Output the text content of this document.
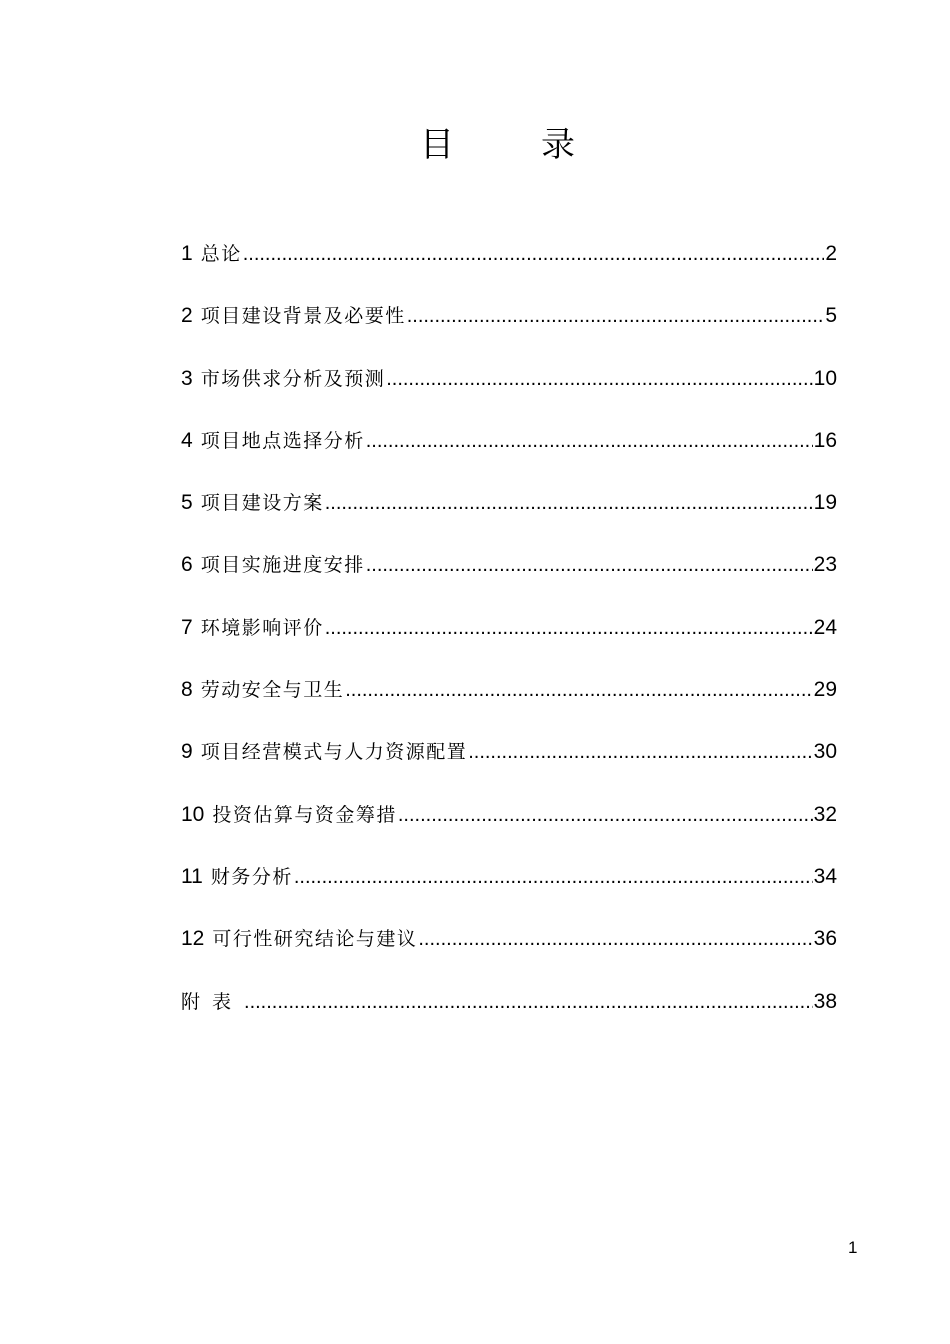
目	录
1 总论 .....	2
2 项目建设背景及必要性 .....	5
3 市场供求分析及预测 .....	10
4 项目地点选择分析 .....	16
5 项目建设方案 .....	19
6 项目实施进度安排 .....	23
7 环境影响评价 .....	24
8 劳动安全与卫生 .....	29
9 项目经营模式与人力资源配置 .....	30
10 投资估算与资金筹措 .....	32
11 财务分析 .....	34
12 可行性研究结论与建议 .....	36
附表 .....	38
1
